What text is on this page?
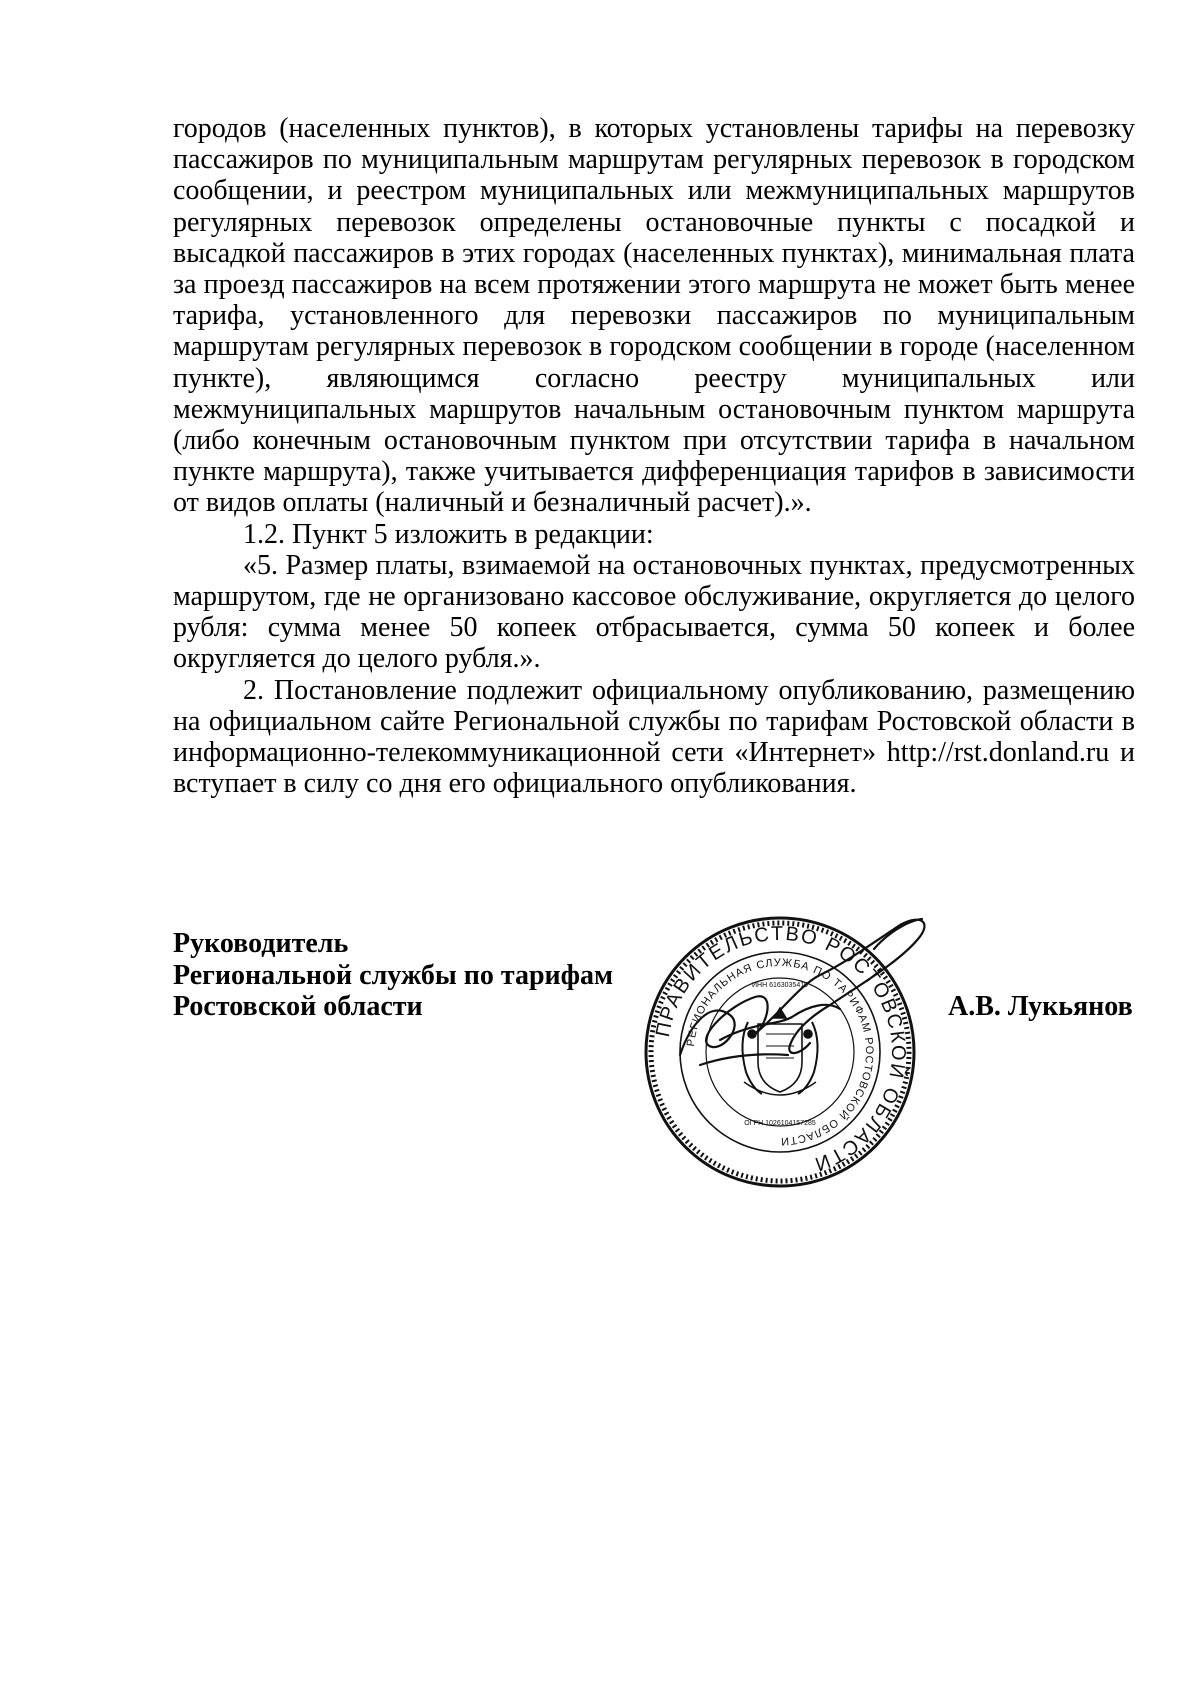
городов (населенных пунктов), в которых установлены тарифы на перевозку пассажиров по муниципальным маршрутам регулярных перевозок в городском сообщении, и реестром муниципальных или межмуниципальных маршрутов регулярных перевозок определены остановочные пункты с посадкой и высадкой пассажиров в этих городах (населенных пунктах), минимальная плата за проезд пассажиров на всем протяжении этого маршрута не может быть менее тарифа, установленного для перевозки пассажиров по муниципальным маршрутам регулярных перевозок в городском сообщении в городе (населенном пункте), являющимся согласно реестру муниципальных или межмуниципальных маршрутов начальным остановочным пунктом маршрута (либо конечным остановочным пунктом при отсутствии тарифа в начальном пункте маршрута), также учитывается дифференциация тарифов в зависимости от видов оплаты (наличный и безналичный расчет).».

1.2. Пункт 5 изложить в редакции:

«5. Размер платы, взимаемой на остановочных пунктах, предусмотренных маршрутом, где не организовано кассовое обслуживание, округляется до целого рубля: сумма менее 50 копеек отбрасывается, сумма 50 копеек и более округляется до целого рубля.».

2. Постановление подлежит официальному опубликованию, размещению на официальном сайте Региональной службы по тарифам Ростовской области в информационно-телекоммуникационной сети «Интернет» http://rst.donland.ru и вступает в силу со дня его официального опубликования.

Руководитель
Региональной службы по тарифам
Ростовской области	А.В. Лукьянов
ПРАВИТЕЛЬСТВО РОСТОВСКОЙ ОБЛАСТИ
РЕГИОНАЛЬНАЯ СЛУЖБА ПО ТАРИФАМ РОСТОВСКОЙ ОБЛАСТИ
ОГРН 1026104157285
ИНН 6163035410
